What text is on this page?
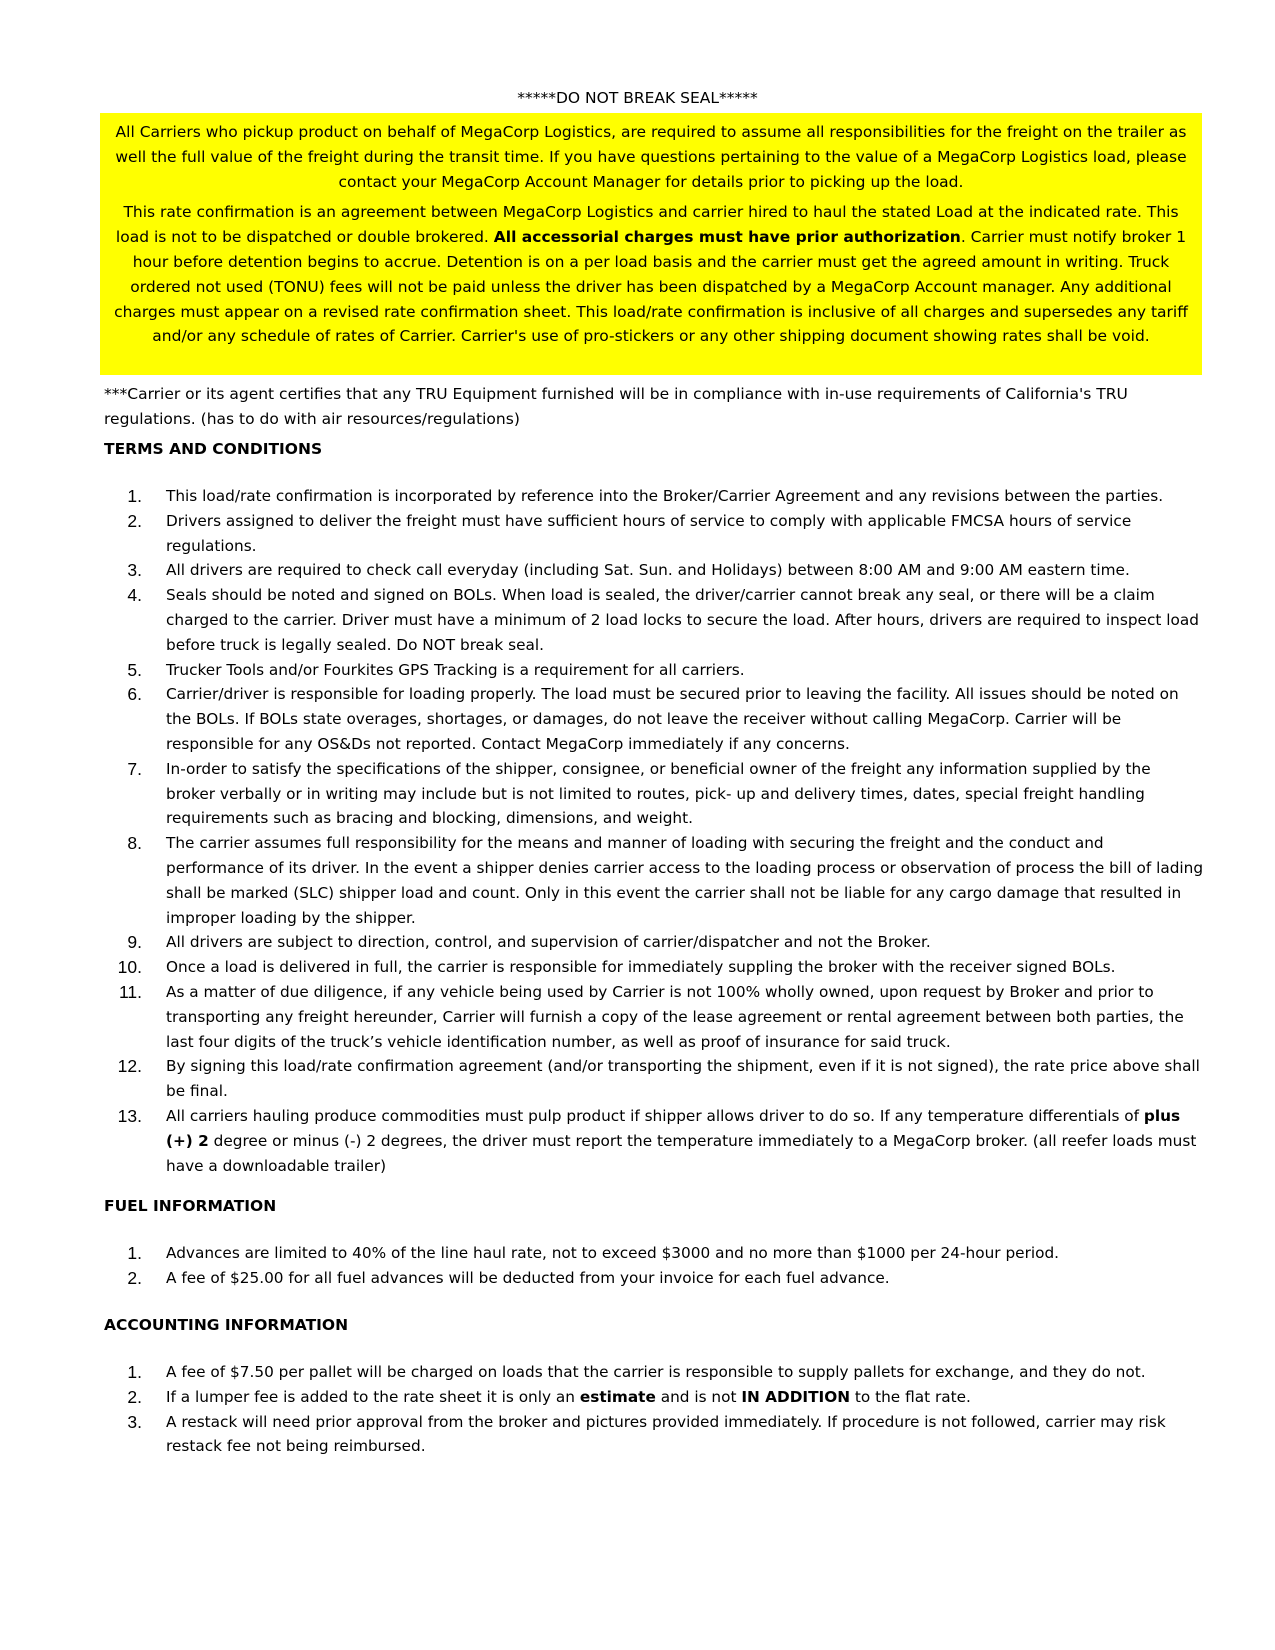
*****DO NOT BREAK SEAL*****

All Carriers who pickup product on behalf of MegaCorp Logistics, are required to assume all responsibilities for the freight on the trailer as well the full value of the freight during the transit time. If you have questions pertaining to the value of a MegaCorp Logistics load, please contact your MegaCorp Account Manager for details prior to picking up the load.

This rate confirmation is an agreement between MegaCorp Logistics and carrier hired to haul the stated Load at the indicated rate. This load is not to be dispatched or double brokered. All accessorial charges must have prior authorization. Carrier must notify broker 1 hour before detention begins to accrue. Detention is on a per load basis and the carrier must get the agreed amount in writing. Truck ordered not used (TONU) fees will not be paid unless the driver has been dispatched by a MegaCorp Account manager. Any additional charges must appear on a revised rate confirmation sheet. This load/rate confirmation is inclusive of all charges and supersedes any tariff and/or any schedule of rates of Carrier. Carrier's use of pro-stickers or any other shipping document showing rates shall be void.

***Carrier or its agent certifies that any TRU Equipment furnished will be in compliance with in-use requirements of California's TRU regulations. (has to do with air resources/regulations)
TERMS AND CONDITIONS
1. This load/rate confirmation is incorporated by reference into the Broker/Carrier Agreement and any revisions between the parties.
2. Drivers assigned to deliver the freight must have sufficient hours of service to comply with applicable FMCSA hours of service regulations.
3. All drivers are required to check call everyday (including Sat. Sun. and Holidays) between 8:00 AM and 9:00 AM eastern time.
4. Seals should be noted and signed on BOLs. When load is sealed, the driver/carrier cannot break any seal, or there will be a claim charged to the carrier. Driver must have a minimum of 2 load locks to secure the load. After hours, drivers are required to inspect load before truck is legally sealed. Do NOT break seal.
5. Trucker Tools and/or Fourkites GPS Tracking is a requirement for all carriers.
6. Carrier/driver is responsible for loading properly. The load must be secured prior to leaving the facility. All issues should be noted on the BOLs. If BOLs state overages, shortages, or damages, do not leave the receiver without calling MegaCorp. Carrier will be responsible for any OS&Ds not reported. Contact MegaCorp immediately if any concerns.
7. In-order to satisfy the specifications of the shipper, consignee, or beneficial owner of the freight any information supplied by the broker verbally or in writing may include but is not limited to routes, pick- up and delivery times, dates, special freight handling requirements such as bracing and blocking, dimensions, and weight.
8. The carrier assumes full responsibility for the means and manner of loading with securing the freight and the conduct and performance of its driver. In the event a shipper denies carrier access to the loading process or observation of process the bill of lading shall be marked (SLC) shipper load and count. Only in this event the carrier shall not be liable for any cargo damage that resulted in improper loading by the shipper.
9. All drivers are subject to direction, control, and supervision of carrier/dispatcher and not the Broker.
10. Once a load is delivered in full, the carrier is responsible for immediately suppling the broker with the receiver signed BOLs.
11. As a matter of due diligence, if any vehicle being used by Carrier is not 100% wholly owned, upon request by Broker and prior to transporting any freight hereunder, Carrier will furnish a copy of the lease agreement or rental agreement between both parties, the last four digits of the truck’s vehicle identification number, as well as proof of insurance for said truck.
12. By signing this load/rate confirmation agreement (and/or transporting the shipment, even if it is not signed), the rate price above shall be final.
13. All carriers hauling produce commodities must pulp product if shipper allows driver to do so. If any temperature differentials of plus (+) 2 degree or minus (-) 2 degrees, the driver must report the temperature immediately to a MegaCorp broker. (all reefer loads must have a downloadable trailer)
FUEL INFORMATION
1. Advances are limited to 40% of the line haul rate, not to exceed $3000 and no more than $1000 per 24-hour period.
2. A fee of $25.00 for all fuel advances will be deducted from your invoice for each fuel advance.
ACCOUNTING INFORMATION
1. A fee of $7.50 per pallet will be charged on loads that the carrier is responsible to supply pallets for exchange, and they do not.
2. If a lumper fee is added to the rate sheet it is only an estimate and is not IN ADDITION to the flat rate.
3. A restack will need prior approval from the broker and pictures provided immediately. If procedure is not followed, carrier may risk restack fee not being reimbursed.
